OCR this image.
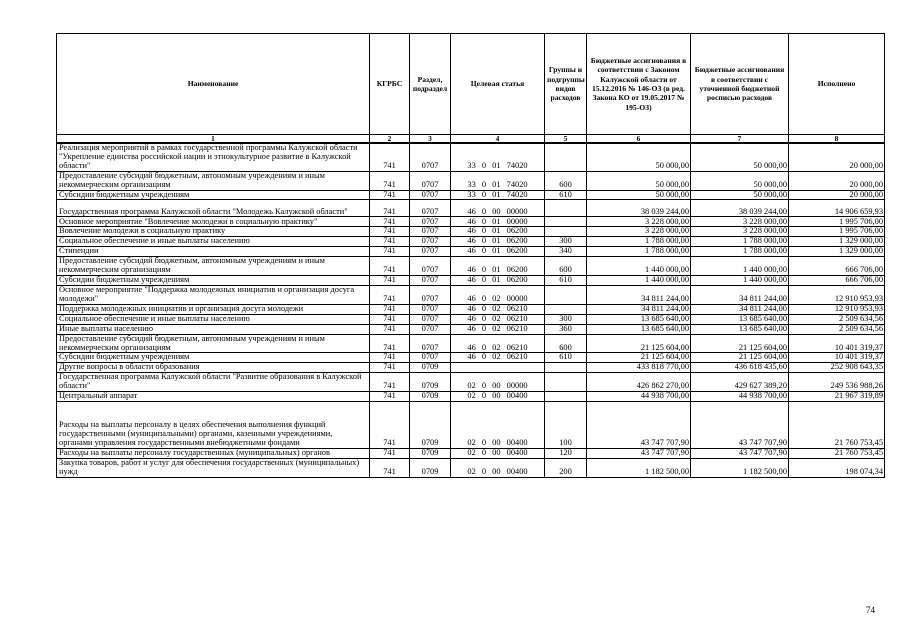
Наименование	КГРБС	Раздел, подраздел	Целевая статья	Группы и подгруппы видов расходов	Бюджетные ассигнования в соответствии с Законом Калужской области от 15.12.2016 № 146-ОЗ (в ред. Закона КО от 19.05.2017 № 195-ОЗ)	Бюджетные ассигнования в соответствии с уточненной бюджетной росписью расходов	Исполнено
1	2	3	4	5	6	7	8
Реализация мероприятий в рамках государственной программы Калужской области "Укрепление единства российской нации и этнокультурное развитие в Калужской области"	741	0707	33 0 01 74020		50 000,00	50 000,00	20 000,00
Предоставление субсидий бюджетным, автономным учреждениям и иным некоммерческим организациям	741	0707	33 0 01 74020	600	50 000,00	50 000,00	20 000,00
Субсидии бюджетным учреждениям	741	0707	33 0 01 74020	610	50 000,00	50 000,00	20 000,00
Государственная программа Калужской области "Молодежь Калужской области"	741	0707	46 0 00 00000		38 039 244,00	38 039 244,00	14 906 659,93
Основное мероприятие "Вовлечение молодежи в социальную практику"	741	0707	46 0 01 00000		3 228 000,00	3 228 000,00	1 995 706,00
Вовлечение молодежи в социальную практику	741	0707	46 0 01 06200		3 228 000,00	3 228 000,00	1 995 706,00
Социальное обеспечение и иные выплаты населению	741	0707	46 0 01 06200	300	1 788 000,00	1 788 000,00	1 329 000,00
Стипендии	741	0707	46 0 01 06200	340	1 788 000,00	1 788 000,00	1 329 000,00
Предоставление субсидий бюджетным, автономным учреждениям и иным некоммерческим организациям	741	0707	46 0 01 06200	600	1 440 000,00	1 440 000,00	666 706,00
Субсидии бюджетным учреждениям	741	0707	46 0 01 06200	610	1 440 000,00	1 440 000,00	666 706,00
Основное мероприятие "Поддержка молодежных инициатив и организация досуга молодежи"	741	0707	46 0 02 00000		34 811 244,00	34 811 244,00	12 910 953,93
Поддержка молодежных инициатив и организация досуга молодежи	741	0707	46 0 02 06210		34 811 244,00	34 811 244,00	12 910 953,93
Социальное обеспечение и иные выплаты населению	741	0707	46 0 02 06210	300	13 685 640,00	13 685 640,00	2 509 634,56
Иные выплаты населению	741	0707	46 0 02 06210	360	13 685 640,00	13 685 640,00	2 509 634,56
Предоставление субсидий бюджетным, автономным учреждениям и иным некоммерческим организациям	741	0707	46 0 02 06210	600	21 125 604,00	21 125 604,00	10 401 319,37
Субсидии бюджетным учреждениям	741	0707	46 0 02 06210	610	21 125 604,00	21 125 604,00	10 401 319,37
Другие вопросы в области образования	741	0709			433 818 770,00	436 618 435,60	252 908 643,35
Государственная программа Калужской области "Развитие образования в Калужской области"	741	0709	02 0 00 00000		426 862 270,00	429 627 389,20	249 536 988,26
Центральный аппарат	741	0709	02 0 00 00400		44 938 700,00	44 938 700,00	21 967 319,89
Расходы на выплаты персоналу в целях обеспечения выполнения функций государственными (муниципальными) органами, казенными учреждениями, органами управления государственными внебюджетными фондами	741	0709	02 0 00 00400	100	43 747 707,90	43 747 707,90	21 760 753,45
Расходы на выплаты персоналу государственных (муниципальных) органов	741	0709	02 0 00 00400	120	43 747 707,90	43 747 707,90	21 760 753,45
Закупка товаров, работ и услуг для обеспечения государственных (муниципальных) нужд	741	0709	02 0 00 00400	200	1 182 500,00	1 182 500,00	198 074,34
74
